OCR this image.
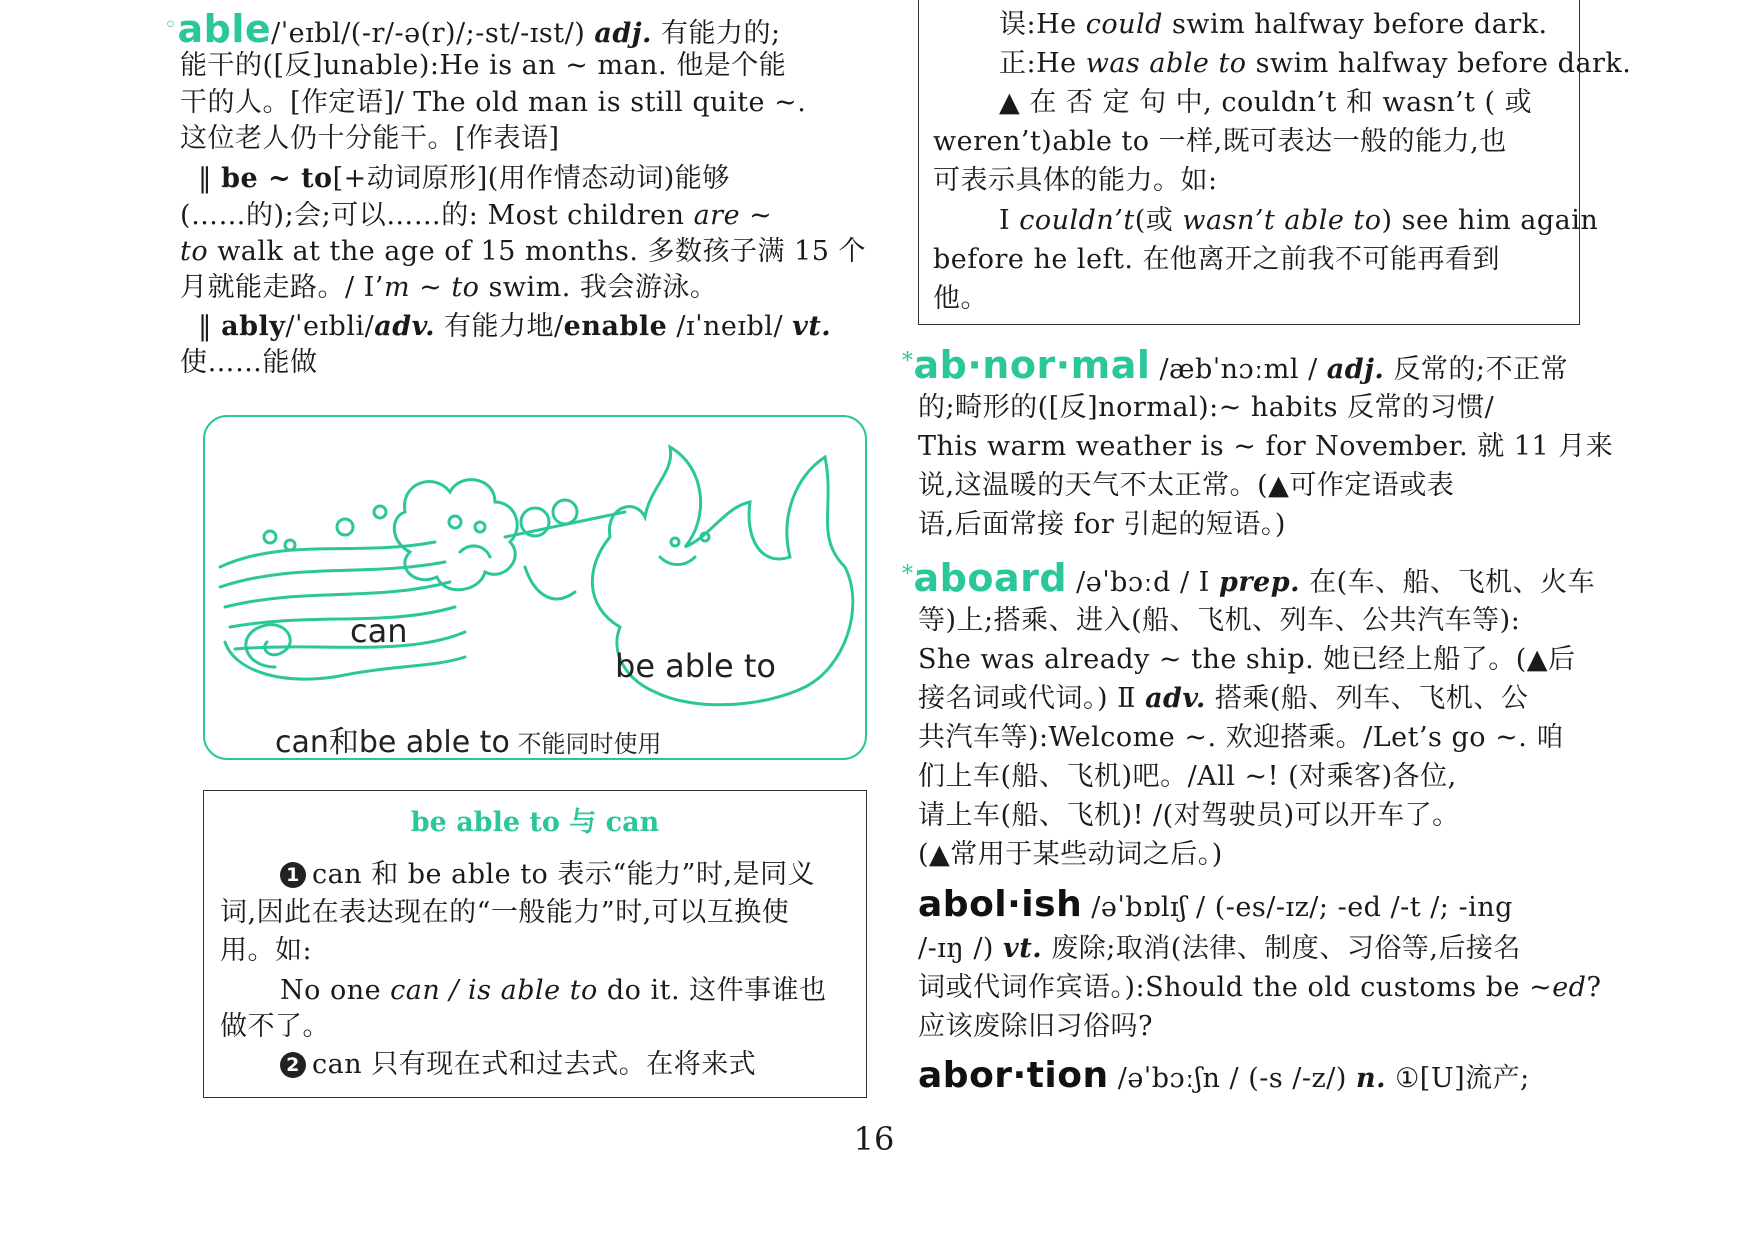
◦able/ˈeɪbl/(-r/-ə(r)/;-st/-ɪst/) adj. 有能力的;
能干的([反]unable):He is an ~ man. 他是个能
干的人。[作定语]/ The old man is still quite ~.
这位老人仍十分能干。[作表语]
‖ be ~ to[+动词原形](用作情态动词)能够
(……的);会;可以……的: Most children are ~
to walk at the age of 15 months. 多数孩子满 15 个
月就能走路。/ I’m ~ to swim. 我会游泳。
‖ ably/ˈeɪbli/adv. 有能力地/enable /ɪˈneɪbl/ vt.
使……能做
can
be able to
can和be able to 不能同时使用
be able to 与 can
1 can 和 be able to 表示“能力”时,是同义
词,因此在表达现在的“一般能力”时,可以互换使
用。如:
No one can / is able to do it. 这件事谁也
做不了。
2 can 只有现在式和过去式。在将来式
误:He could swim halfway before dark.
正:He was able to swim halfway before dark.
▲ 在 否 定 句 中, couldn’t 和 wasn’t ( 或
weren’t)able to 一样,既可表达一般的能力,也
可表示具体的能力。如:
I couldn’t(或 wasn’t able to) see him again
before he left. 在他离开之前我不可能再看到
他。
*ab·nor·mal /æbˈnɔːml / adj. 反常的;不正常
的;畸形的([反]normal):~ habits 反常的习惯/
This warm weather is ~ for November. 就 11 月来
说,这温暖的天气不太正常。(▲可作定语或表
语,后面常接 for 引起的短语。)
*aboard /əˈbɔːd / I prep. 在(车、船、飞机、火车
等)上;搭乘、进入(船、飞机、列车、公共汽车等):
She was already ~ the ship. 她已经上船了。(▲后
接名词或代词。) Ⅱ adv. 搭乘(船、列车、飞机、公
共汽车等):Welcome ~. 欢迎搭乘。/Let’s go ~. 咱
们上车(船、飞机)吧。/All ~! (对乘客)各位,
请上车(船、飞机)! /(对驾驶员)可以开车了。
(▲常用于某些动词之后。)
abol·ish /əˈbɒlɪʃ / (-es/-ɪz/; -ed /-t /; -ing
/-ɪŋ /) vt. 废除;取消(法律、制度、习俗等,后接名
词或代词作宾语。):Should the old customs be ~ed?
应该废除旧习俗吗?
abor·tion /əˈbɔːʃn / (-s /-z/) n. ①[U]流产;
16
